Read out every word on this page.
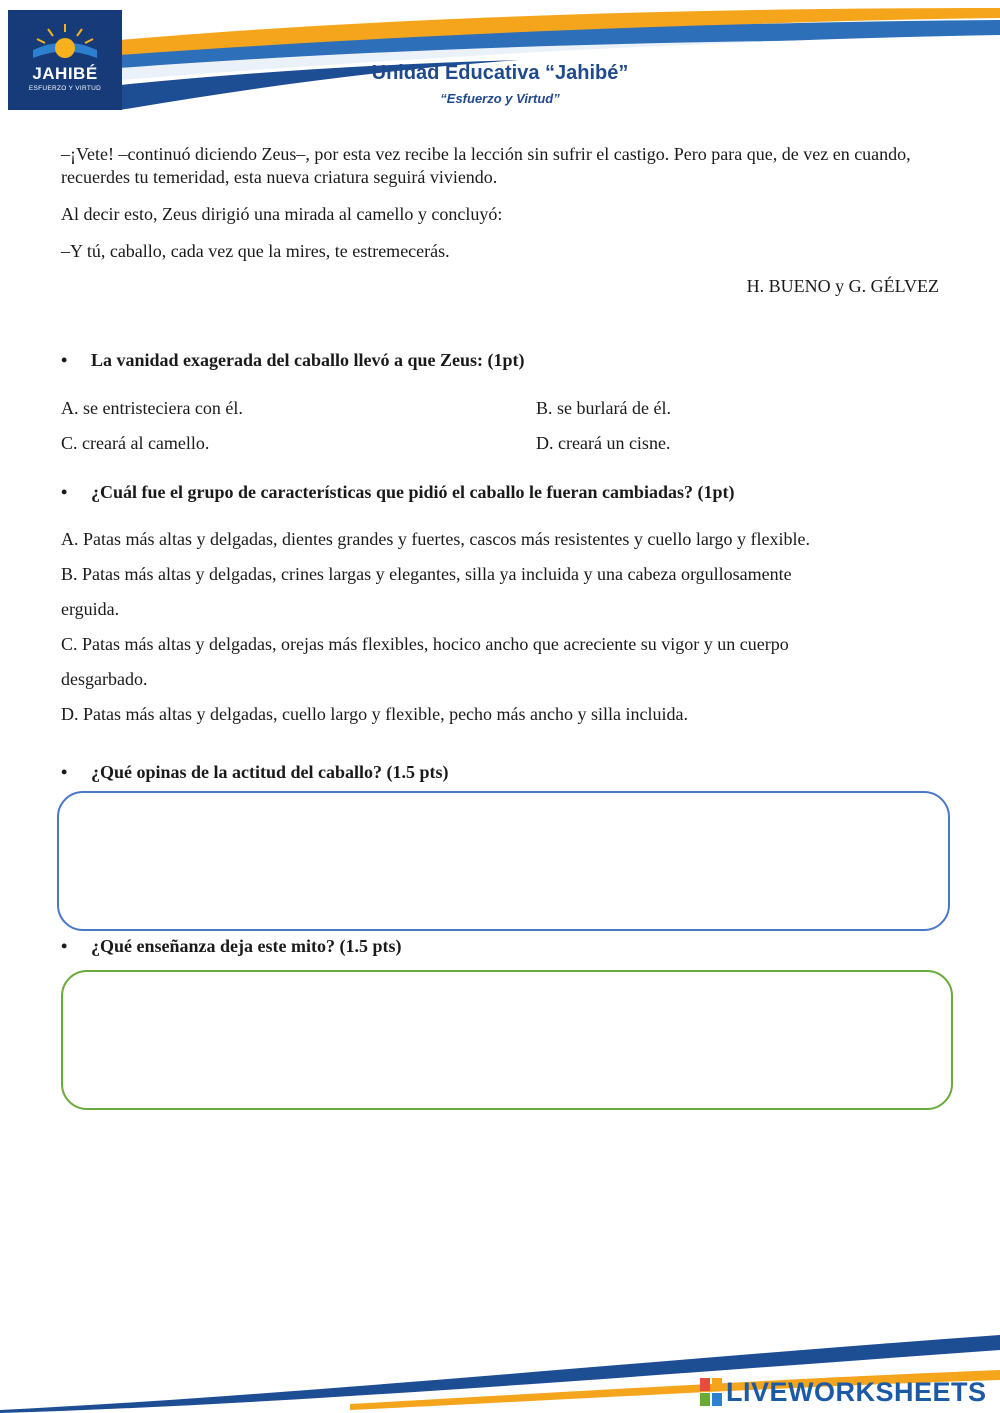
JAHIBÉ
ESFUERZO Y VIRTUD
Unidad Educativa “Jahibé”
“Esfuerzo y Virtud”

–¡Vete! –continuó diciendo Zeus–, por esta vez recibe la lección sin sufrir el castigo. Pero para que, de vez en cuando, recuerdes tu temeridad, esta nueva criatura seguirá viviendo.

Al decir esto, Zeus dirigió una mirada al camello y concluyó:

–Y tú, caballo, cada vez que la mires, te estremecerás.

H. BUENO y G. GÉLVEZ

• La vanidad exagerada del caballo llevó a que Zeus: (1pt)

A. se entristeciera con él.	B. se burlará de él.

C. creará al camello.	D. creará un cisne.

• ¿Cuál fue el grupo de características que pidió el caballo le fueran cambiadas? (1pt)

A. Patas más altas y delgadas, dientes grandes y fuertes, cascos más resistentes y cuello largo y flexible.

B. Patas más altas y delgadas, crines largas y elegantes, silla ya incluida y una cabeza orgullosamente

erguida.

C. Patas más altas y delgadas, orejas más flexibles, hocico ancho que acreciente su vigor y un cuerpo

desgarbado.

D. Patas más altas y delgadas, cuello largo y flexible, pecho más ancho y silla incluida.

• ¿Qué opinas de la actitud del caballo? (1.5 pts)

• ¿Qué enseñanza deja este mito? (1.5 pts)

LIVEWORKSHEETS
